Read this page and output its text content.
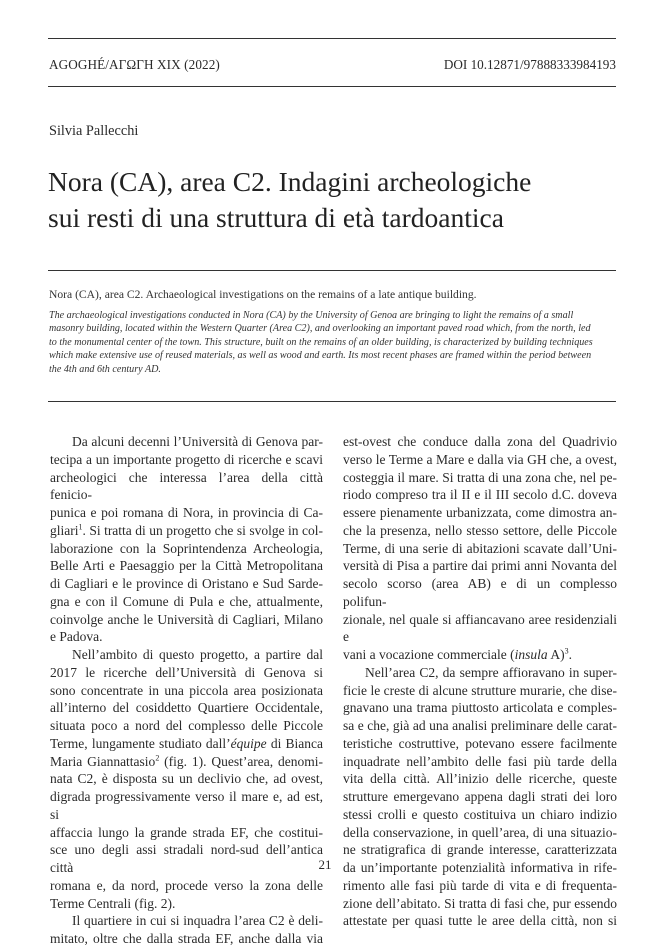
AGOGHÉ/ΑΓΩΓΗ XIX (2022)	DOI 10.12871/97888333984193
Silvia Pallecchi
Nora (CA), area C2. Indagini archeologiche
sui resti di una struttura di età tardoantica
Nora (CA), area C2. Archaeological investigations on the remains of a late antique building.
The archaeological investigations conducted in Nora (CA) by the University of Genoa are bringing to light the remains of a small
masonry building, located within the Western Quarter (Area C2), and overlooking an important paved road which, from the north, led
to the monumental center of the town. This structure, built on the remains of an older building, is characterized by building techniques
which make extensive use of reused materials, as well as wood and earth. Its most recent phases are framed within the period between
the 4th and 6th century AD.
Da alcuni decenni l’Università di Genova par-
tecipa a un importante progetto di ricerche e scavi
archeologici che interessa l’area della città fenicio-
punica e poi romana di Nora, in provincia di Ca-
gliari$^1$. Si tratta di un progetto che si svolge in col-
laborazione con la Soprintendenza Archeologia,
Belle Arti e Paesaggio per la Città Metropolitana
di Cagliari e le province di Oristano e Sud Sarde-
gna e con il Comune di Pula e che, attualmente,
coinvolge anche le Università di Cagliari, Milano
e Padova.
Nell’ambito di questo progetto, a partire dal
2017 le ricerche dell’Università di Genova si
sono concentrate in una piccola area posizionata
all’interno del cosiddetto Quartiere Occidentale,
situata poco a nord del complesso delle Piccole
Terme, lungamente studiato dall’équipe di Bianca
Maria Giannattasio$^2$ (fig. 1). Quest’area, denomi-
nata C2, è disposta su un declivio che, ad ovest,
digrada progressivamente verso il mare e, ad est, si
affaccia lungo la grande strada EF, che costitui-
sce uno degli assi stradali nord-sud dell’antica città
romana e, da nord, procede verso la zona delle
Terme Centrali (fig. 2).
Il quartiere in cui si inquadra l’area C2 è deli-
mitato, oltre che dalla strada EF, anche dalla via
est-ovest che conduce dalla zona del Quadrivio
verso le Terme a Mare e dalla via GH che, a ovest,
costeggia il mare. Si tratta di una zona che, nel pe-
riodo compreso tra il II e il III secolo d.C. doveva
essere pienamente urbanizzata, come dimostra an-
che la presenza, nello stesso settore, delle Piccole
Terme, di una serie di abitazioni scavate dall’Uni-
versità di Pisa a partire dai primi anni Novanta del
secolo scorso (area AB) e di un complesso polifun-
zionale, nel quale si affiancavano aree residenziali e
vani a vocazione commerciale (insula A)$^3$.
Nell’area C2, da sempre affioravano in super-
ficie le creste di alcune strutture murarie, che dise-
gnavano una trama piuttosto articolata e comples-
sa e che, già ad una analisi preliminare delle carat-
teristiche costruttive, potevano essere facilmente
inquadrate nell’ambito delle fasi più tarde della
vita della città. All’inizio delle ricerche, queste
strutture emergevano appena dagli strati dei loro
stessi crolli e questo costituiva un chiaro indizio
della conservazione, in quell’area, di una situazio-
ne stratigrafica di grande interesse, caratterizzata
da un’importante potenzialità informativa in rife-
rimento alle fasi più tarde di vita e di frequenta-
zione dell’abitato. Si tratta di fasi che, pur essendo
attestate per quasi tutte le aree della città, non si
21
